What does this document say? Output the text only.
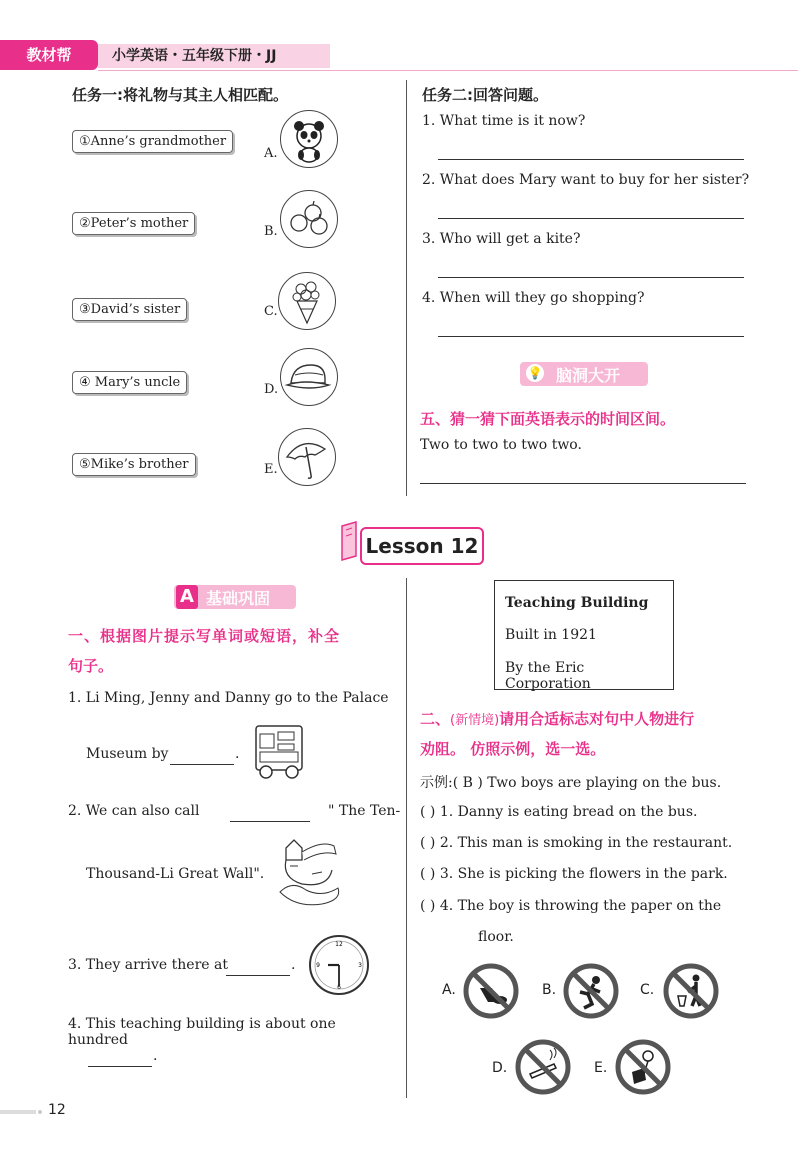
教材帮	小学英语・五年级下册・JJ
任务一:将礼物与其主人相匹配。
①Anne’s grandmother
②Peter’s mother
③David’s sister
④ Mary’s uncle
⑤Mike’s brother
A.
B.
C.
D.
E.
任务二:回答问题。
1. What time is it now?
2. What does Mary want to buy for her sister?
3. Who will get a kite?
4. When will they go shopping?
💡 脑洞大开
五、猜一猜下面英语表示的时间区间。
Two to two to two two.
Lesson 12
A 基础巩固
一、根据图片提示写单词或短语，补全
句子。
1. Li Ming, Jenny and Danny go to the Palace
Museum by	.
2. We can also call	" The Ten-
Thousand-Li Great Wall".
3. They arrive there at	.
12
3
6
9
4. This teaching building is about one hundred
.
Teaching Building
Built in 1921
By the Eric Corporation
二、(新情境)请用合适标志对句中人物进行
劝阻。 仿照示例，选一选。
示例:( B ) Two boys are playing on the bus.
( ) 1. Danny is eating bread on the bus.
( ) 2. This man is smoking in the restaurant.
( ) 3. She is picking the flowers in the park.
( ) 4. The boy is throwing the paper on the
floor.
A.	B.	C.
D.	E.
12
